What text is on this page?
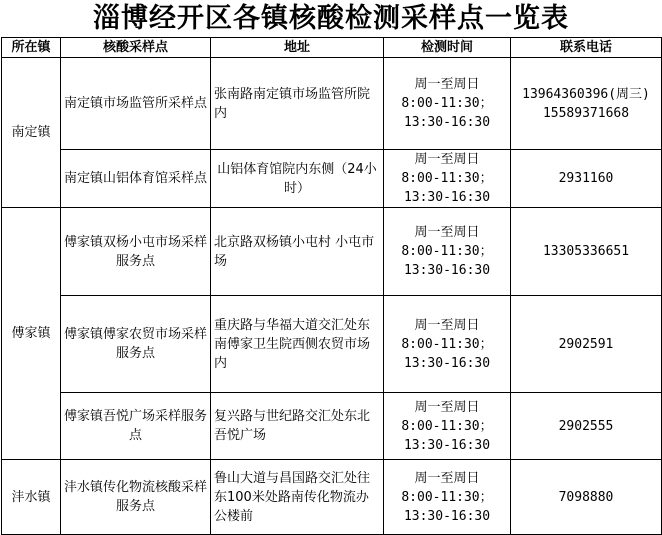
淄博经开区各镇核酸检测采样点一览表
所在镇	核酸采样点	地址	检测时间	联系电话
南定镇	南定镇市场监管所采样点	张南路南定镇市场监管所院内	周一至周日
8:00-11:30；
13:30-16:30	13964360396(周三)
15589371668

	南定镇山铝体育馆采样点	山铝体育馆院内东侧（24小时）	周一至周日
8:00-11:30；
13:30-16:30	2931160
傅家镇	傅家镇双杨小屯市场采样服务点	北京路双杨镇小屯村 小屯市场	周一至周日
8:00-11:30；
13:30-16:30	13305336651
	傅家镇傅家农贸市场采样服务点	重庆路与华福大道交汇处东南傅家卫生院西侧农贸市场内	周一至周日
8:00-11:30；
13:30-16:30	2902591
	傅家镇吾悦广场采样服务点	复兴路与世纪路交汇处东北 吾悦广场	周一至周日
8:00-11:30；
13:30-16:30	2902555
沣水镇	沣水镇传化物流核酸采样服务点	鲁山大道与昌国路交汇处往东100米处路南传化物流办公楼前	周一至周日
8:00-11:30；
13:30-16:30	7098880
